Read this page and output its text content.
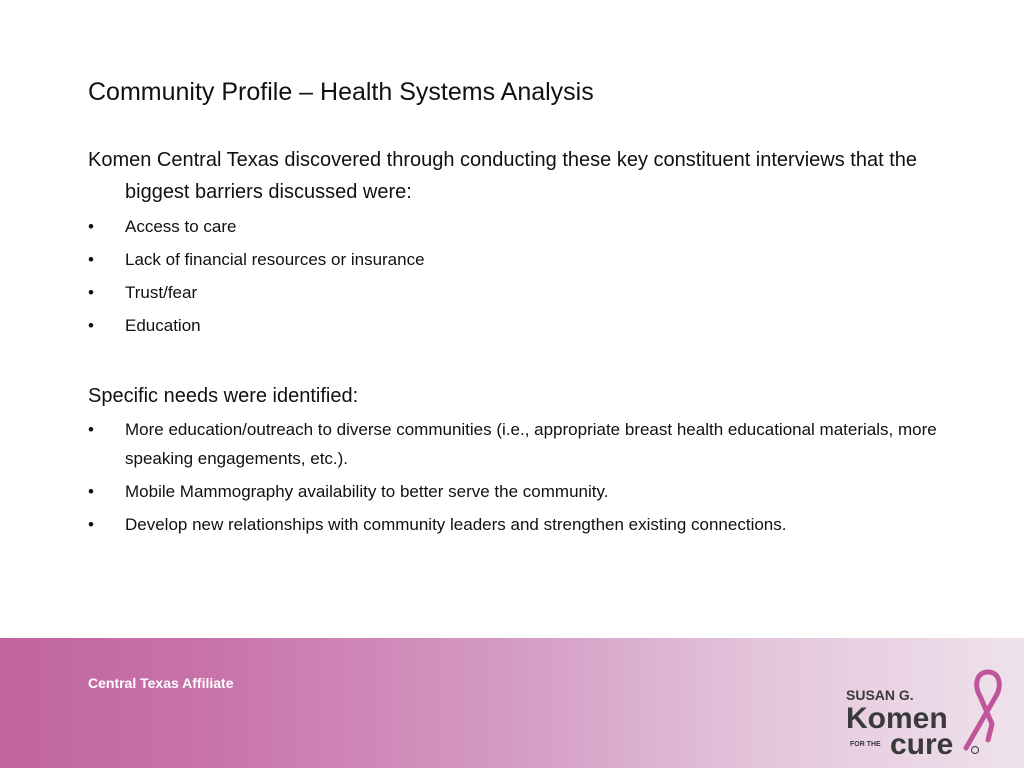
Community Profile – Health Systems Analysis

Komen Central Texas discovered through conducting these key constituent interviews that the biggest barriers discussed were:

• Access to care
• Lack of financial resources or insurance
• Trust/fear
• Education

Specific needs were identified:

• More education/outreach to diverse communities (i.e., appropriate breast health educational materials, more speaking engagements, etc.).
• Mobile Mammography availability to better serve the community.
• Develop new relationships with community leaders and strengthen existing connections.
Central Texas Affiliate
SUSAN G.
Komen
FOR THE cure
